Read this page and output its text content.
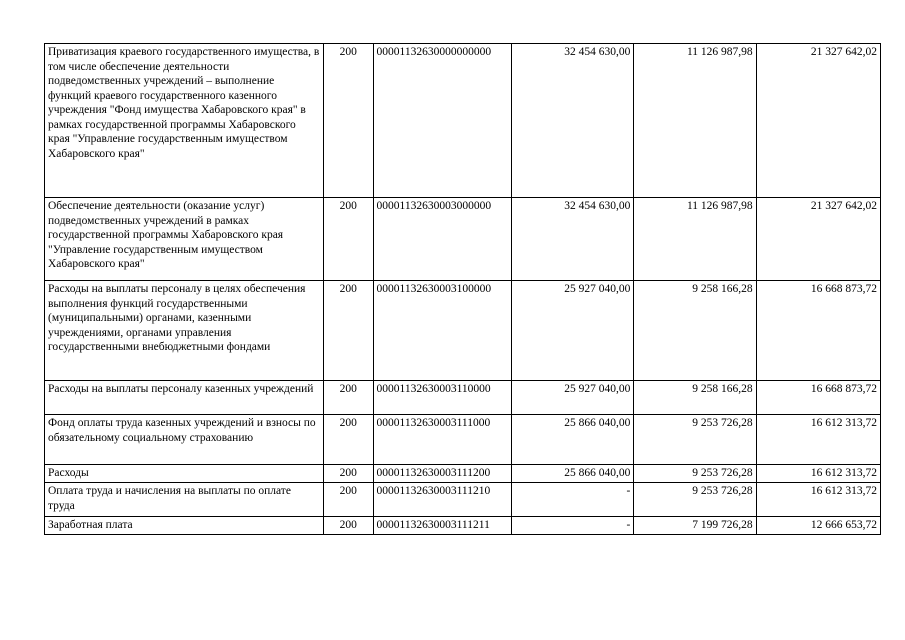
Приватизация краевого государственного имущества, в том числе обеспечение деятельности подведомственных учреждений – выполнение функций краевого государственного казенного учреждения "Фонд имущества Хабаровского края" в рамках государственной программы Хабаровского края "Управление государственным имуществом Хабаровского края"	200	00001132630000000000	32 454 630,00	11 126 987,98	21 327 642,02
Обеспечение деятельности (оказание услуг) подведомственных учреждений в рамках государственной программы Хабаровского края "Управление государственным имуществом Хабаровского края"	200	00001132630003000000	32 454 630,00	11 126 987,98	21 327 642,02
Расходы на выплаты персоналу в целях обеспечения выполнения функций государственными (муниципальными) органами, казенными учреждениями, органами управления государственными внебюджетными фондами	200	00001132630003100000	25 927 040,00	9 258 166,28	16 668 873,72
Расходы на выплаты персоналу казенных учреждений	200	00001132630003110000	25 927 040,00	9 258 166,28	16 668 873,72
Фонд оплаты труда казенных учреждений и взносы по обязательному социальному страхованию	200	00001132630003111000	25 866 040,00	9 253 726,28	16 612 313,72
Расходы	200	00001132630003111200	25 866 040,00	9 253 726,28	16 612 313,72
Оплата труда и начисления на выплаты по оплате труда	200	00001132630003111210	-	9 253 726,28	16 612 313,72
Заработная плата	200	00001132630003111211	-	7 199 726,28	12 666 653,72
